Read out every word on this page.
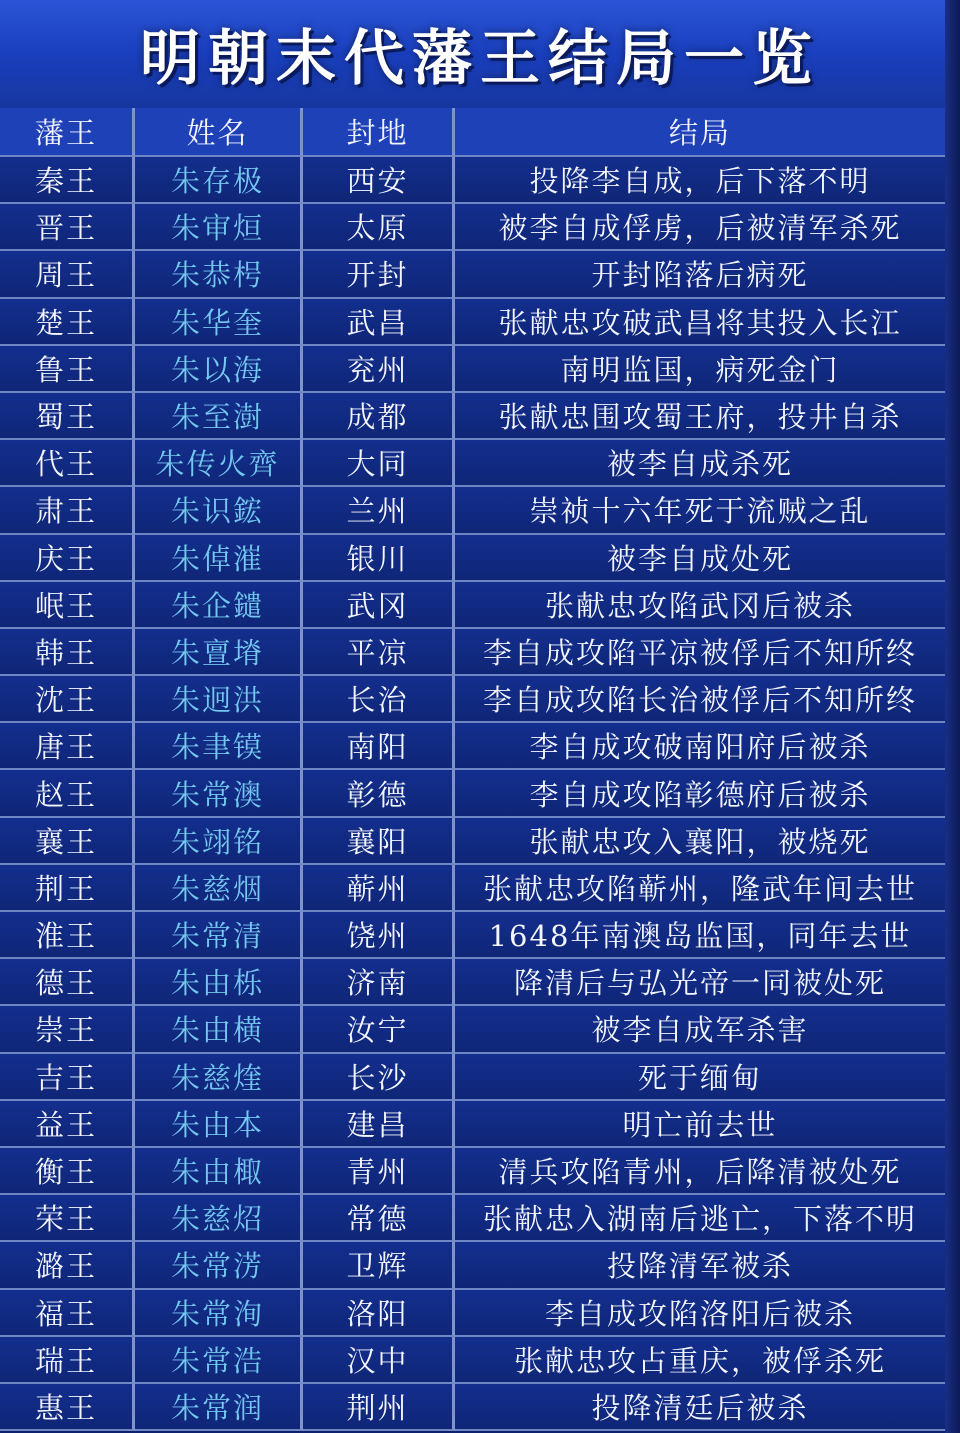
明朝末代藩王结局一览
藩王	姓名	封地	结局
秦王	朱存极	西安	投降李自成，后下落不明
晋王	朱审烜	太原	被李自成俘虏，后被清军杀死
周王	朱恭枵	开封	开封陷落后病死
楚王	朱华奎	武昌	张献忠攻破武昌将其投入长江
鲁王	朱以海	兖州	南明监国，病死金门
蜀王	朱至澍	成都	张献忠围攻蜀王府，投井自杀
代王	朱传火齊	大同	被李自成杀死
肃王	朱识鋐	兰州	崇祯十六年死于流贼之乱
庆王	朱倬漼	银川	被李自成处死
岷王	朱企鑓	武冈	张献忠攻陷武冈后被杀
韩王	朱亶塉	平凉	李自成攻陷平凉被俘后不知所终
沈王	朱迥洪	长治	李自成攻陷长治被俘后不知所终
唐王	朱聿镆	南阳	李自成攻破南阳府后被杀
赵王	朱常澳	彰德	李自成攻陷彰德府后被杀
襄王	朱翊铭	襄阳	张献忠攻入襄阳，被烧死
荆王	朱慈烟	蕲州	张献忠攻陷蕲州，隆武年间去世
淮王	朱常清	饶州	1648年南澳岛监国，同年去世
德王	朱由栎	济南	降清后与弘光帝一同被处死
崇王	朱由横	汝宁	被李自成军杀害
吉王	朱慈煃	长沙	死于缅甸
益王	朱由本	建昌	明亡前去世
衡王	朱由棷	青州	清兵攻陷青州，后降清被处死
荣王	朱慈炤	常德	张献忠入湖南后逃亡，下落不明
潞王	朱常淓	卫辉	投降清军被杀
福王	朱常洵	洛阳	李自成攻陷洛阳后被杀
瑞王	朱常浩	汉中	张献忠攻占重庆，被俘杀死
惠王	朱常润	荆州	投降清廷后被杀
